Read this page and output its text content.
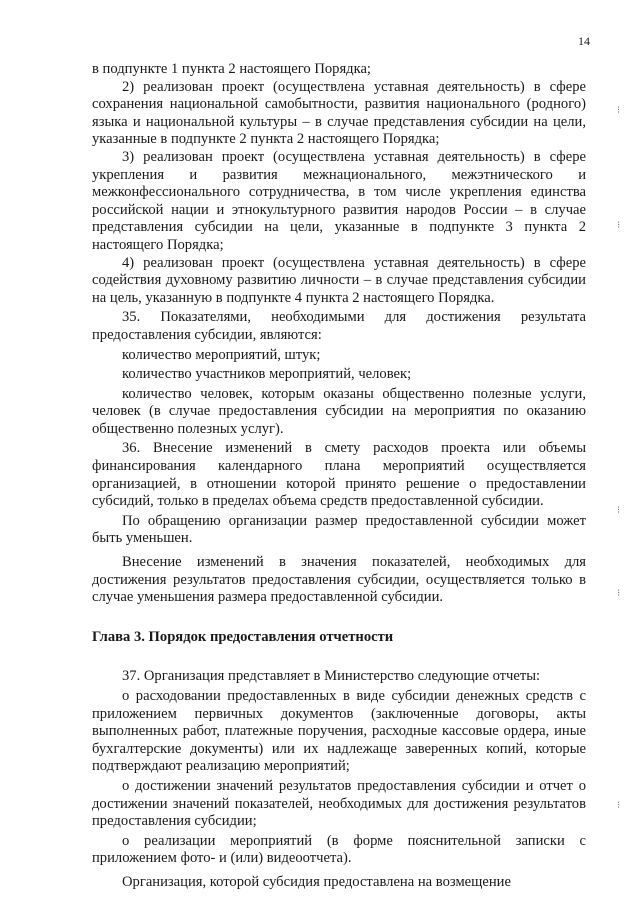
14
⁝
⁝
⁝
⁝
⁝

в подпункте 1 пункта 2 настоящего Порядка;

2) реализован проект (осуществлена уставная деятельность) в сфере сохранения национальной самобытности, развития национального (родного) языка и национальной культуры – в случае представления субсидии на цели, указанные в подпункте 2 пункта 2 настоящего Порядка;

3) реализован проект (осуществлена уставная деятельность) в сфере укрепления и развития межнационального, межэтнического и межконфессионального сотрудничества, в том числе укрепления единства российской нации и этнокультурного развития народов России – в случае представления субсидии на цели, указанные в подпункте 3 пункта 2 настоящего Порядка;

4) реализован проект (осуществлена уставная деятельность) в сфере содействия духовному развитию личности – в случае представления субсидии на цель, указанную в подпункте 4 пункта 2 настоящего Порядка.

35. Показателями, необходимыми для достижения результата предоставления субсидии, являются:

количество мероприятий, штук;

количество участников мероприятий, человек;

количество человек, которым оказаны общественно полезные услуги, человек (в случае предоставления субсидии на мероприятия по оказанию общественно полезных услуг).

36. Внесение изменений в смету расходов проекта или объемы финансирования календарного плана мероприятий осуществляется организацией, в отношении которой принято решение о предоставлении субсидий, только в пределах объема средств предоставленной субсидии.

По обращению организации размер предоставленной субсидии может быть уменьшен.

Внесение изменений в значения показателей, необходимых для достижения результатов предоставления субсидии, осуществляется только в случае уменьшения размера предоставленной субсидии.

Глава 3. Порядок предоставления отчетности

37. Организация представляет в Министерство следующие отчеты:

о расходовании предоставленных в виде субсидии денежных средств с приложением первичных документов (заключенные договоры, акты выполненных работ, платежные поручения, расходные кассовые ордера, иные бухгалтерские документы) или их надлежаще заверенных копий, которые подтверждают реализацию мероприятий;

о достижении значений результатов предоставления субсидии и отчет о достижении значений показателей, необходимых для достижения результатов предоставления субсидии;

о реализации мероприятий (в форме пояснительной записки с приложением фото- и (или) видеоотчета).

Организация, которой субсидия предоставлена на возмещение
